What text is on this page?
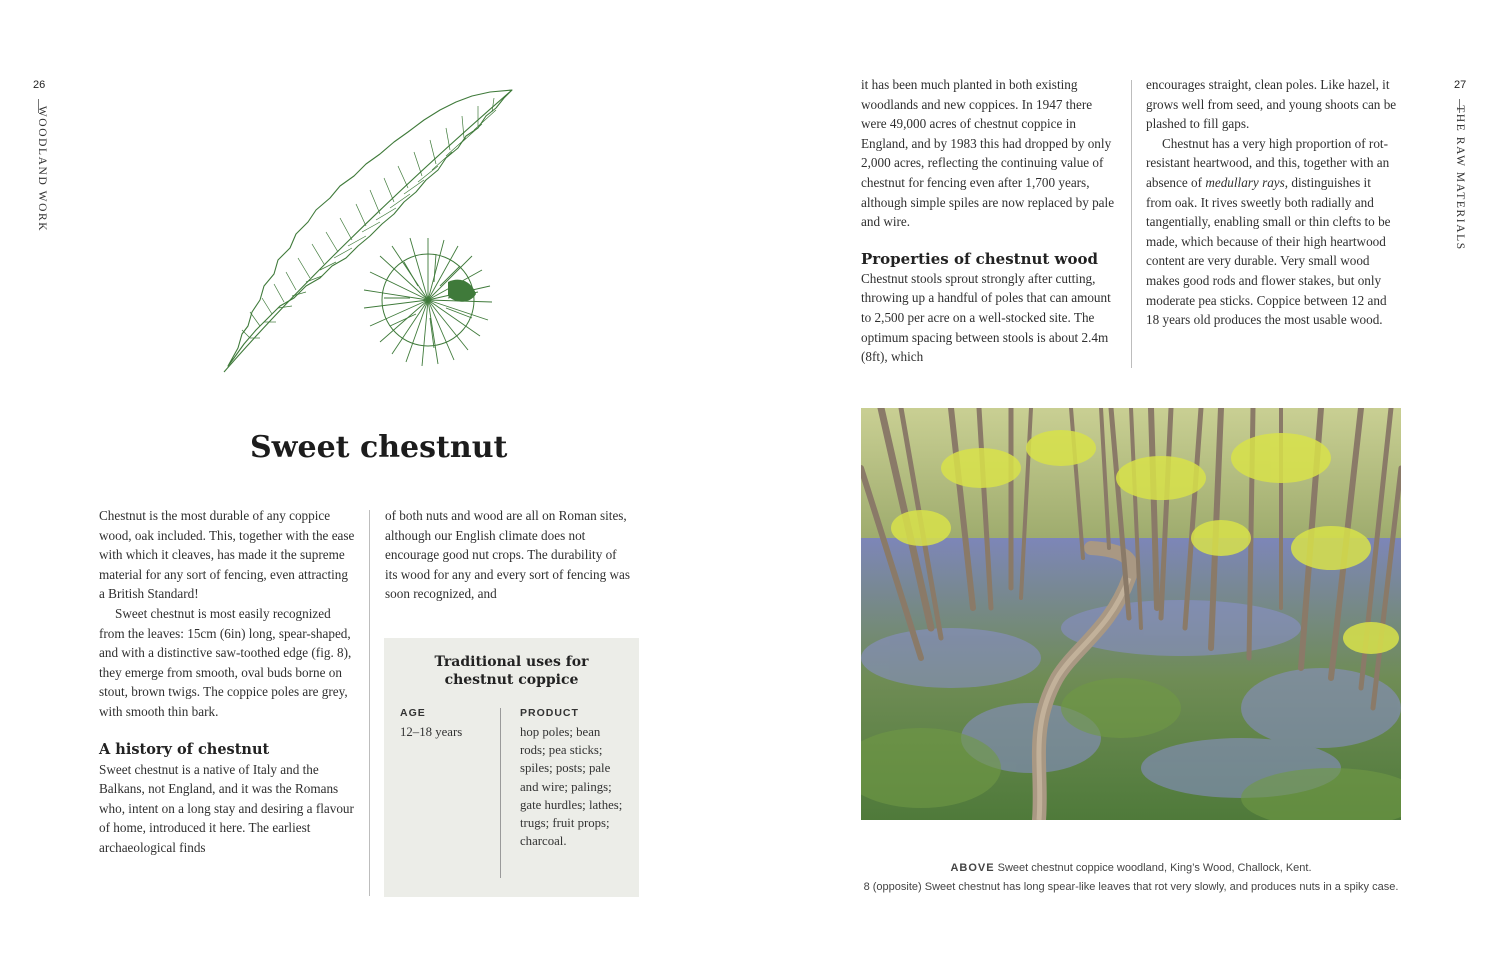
26
WOODLAND WORK
Sweet chestnut

Chestnut is the most durable of any coppice wood, oak included. This, together with the ease with which it cleaves, has made it the supreme material for any sort of fencing, even attracting a British Standard!

Sweet chestnut is most easily recognized from the leaves: 15cm (6in) long, spear-shaped, and with a distinctive saw-toothed edge (fig. 8), they emerge from smooth, oval buds borne on stout, brown twigs. The coppice poles are grey, with smooth thin bark.

A history of chestnut

Sweet chestnut is a native of Italy and the Balkans, not England, and it was the Romans who, intent on a long stay and desiring a flavour of home, introduced it here. The earliest archaeological finds

of both nuts and wood are all on Roman sites, although our English climate does not encourage good nut crops. The durability of its wood for any and every sort of fencing was soon recognized, and

Traditional uses for
chestnut coppice
AGE	PRODUCT
12–18 years	hop poles; bean rods; pea sticks; spiles; posts; pale and wire; palings; gate hurdles; lathes; trugs; fruit props; charcoal.
27
THE RAW MATERIALS

it has been much planted in both existing woodlands and new coppices. In 1947 there were 49,000 acres of chestnut coppice in England, and by 1983 this had dropped by only 2,000 acres, reflecting the continuing value of chestnut for fencing even after 1,700 years, although simple spiles are now replaced by pale and wire.

Properties of chestnut wood

Chestnut stools sprout strongly after cutting, throwing up a handful of poles that can amount to 2,500 per acre on a well-stocked site. The optimum spacing between stools is about 2.4m (8ft), which

encourages straight, clean poles. Like hazel, it grows well from seed, and young shoots can be plashed to fill gaps.

Chestnut has a very high proportion of rot-resistant heartwood, and this, together with an absence of medullary rays, distinguishes it from oak. It rives sweetly both radially and tangentially, enabling small or thin clefts to be made, which because of their high heartwood content are very durable. Very small wood makes good rods and flower stakes, but only moderate pea sticks. Coppice between 12 and 18 years old produces the most usable wood.

ABOVE Sweet chestnut coppice woodland, King’s Wood, Challock, Kent.
8 (opposite) Sweet chestnut has long spear-like leaves that rot very slowly, and produces nuts in a spiky case.
